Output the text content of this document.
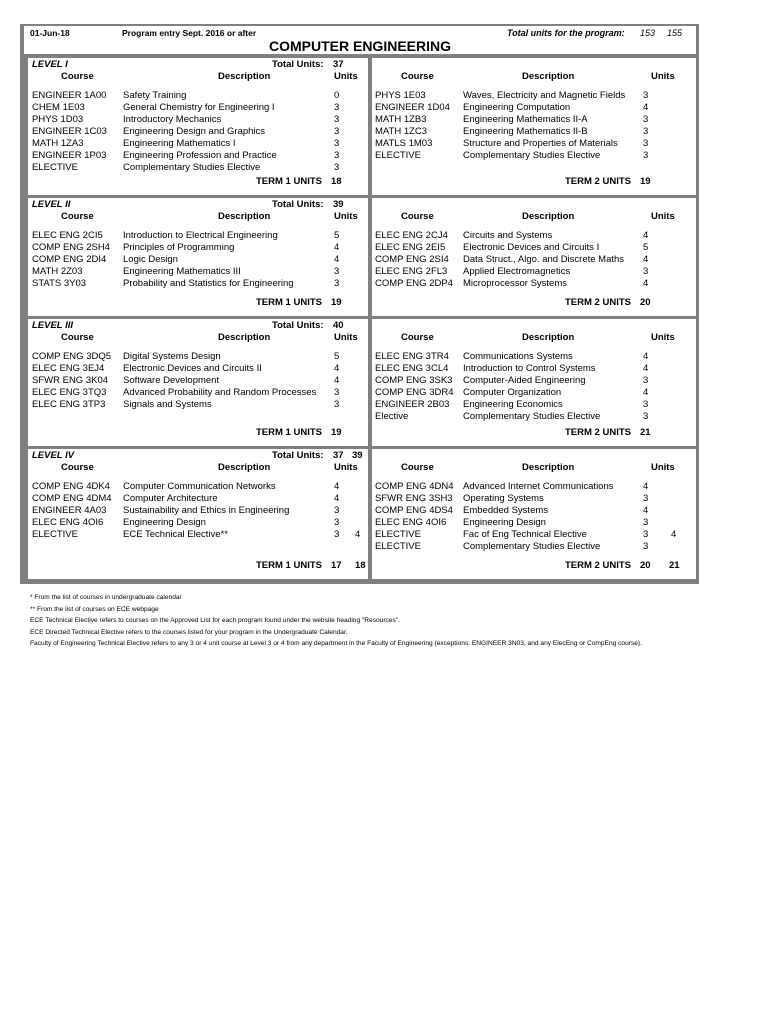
01-Jun-18	Program entry Sept. 2016 or after
COMPUTER ENGINEERING
Total units for the program: 153 155
LEVEL I	Total Units: 37
Course	Description	Units
ENGINEER 1A00 Safety Training	0
CHEM 1E03	General Chemistry for Engineering I	3
PHYS 1D03	Introductory Mechanics	3
ENGINEER 1C03 Engineering Design and Graphics	3
MATH 1ZA3	Engineering Mathematics I	3
ENGINEER 1P03 Engineering Profession and Practice	3
ELECTIVE	Complementary Studies Elective	3
TERM 1 UNITS 18
Course	Description	Units
PHYS 1E03	Waves, Electricity and Magnetic Fields 3
ENGINEER 1D04 Engineering Computation	4
MATH 1ZB3	Engineering Mathematics II-A	3
MATH 1ZC3	Engineering Mathematics II-B	3
MATLS 1M03	Structure and Properties of Materials	3
ELECTIVE	Complementary Studies Elective	3
TERM 2 UNITS 19
LEVEL II	Total Units: 39
Course	Description	Units
ELEC ENG 2CI5 Introduction to Electrical Engineering	5
COMP ENG 2SH4 Principles of Programming	4
COMP ENG 2DI4 Logic Design	4
MATH 2Z03	Engineering Mathematics III	3
STATS 3Y03	Probability and Statistics for Engineering	3
TERM 1 UNITS 19
Course	Description	Units
ELEC ENG 2CJ4 Circuits and Systems	4
ELEC ENG 2EI5 Electronic Devices and Circuits I	5
COMP ENG 2SI4 Data Struct., Algo. and Discrete Maths 4
ELEC ENG 2FL3 Applied Electromagnetics	3
COMP ENG 2DP4 Microprocessor Systems	4
TERM 2 UNITS 20
LEVEL III	Total Units: 40
Course	Description	Units
COMP ENG 3DQ5 Digital Systems Design	5
ELEC ENG 3EJ4 Electronic Devices and Circuits II	4
SFWR ENG 3K04 Software Development	4
ELEC ENG 3TQ3 Advanced Probability and Random Processes 3
ELEC ENG 3TP3 Signals and Systems	3
TERM 1 UNITS 19
Course	Description	Units
ELEC ENG 3TR4 Communications Systems	4
ELEC ENG 3CL4 Introduction to Control Systems	4
COMP ENG 3SK3 Computer-Aided Engineering	3
COMP ENG 3DR4 Computer Organization	4
ENGINEER 2B03 Engineering Economics	3
Elective	Complementary Studies Elective	3
TERM 2 UNITS 21
LEVEL IV	Total Units: 37 39
Course	Description	Units
COMP ENG 4DK4 Computer Communication Networks	4
COMP ENG 4DM4 Computer Architecture	4
ENGINEER 4A03 Sustainability and Ethics in Engineering	3
ELEC ENG 4OI6 Engineering Design	3
ELECTIVE	ECE Technical Elective**	3 4
TERM 1 UNITS 17 18
Course	Description	Units
COMP ENG 4DN4 Advanced Internet Communications	4
SFWR ENG 3SH3 Operating Systems	3
COMP ENG 4DS4 Embedded Systems	4
ELEC ENG 4OI6 Engineering Design	3
ELECTIVE	Fac of Eng Technical Elective	3 4
ELECTIVE	Complementary Studies Elective	3
TERM 2 UNITS 20 21
* From the list of courses in undergraduate calendar
** From the list of courses on ECE webpage
ECE Technical Elective refers to courses on the Approved List for each program found under the website heading "Resources".
ECE Directed Technical Elective refers to the courses listed for your program in the Undergraduate Calendar.
Faculty of Engineering Technical Elective refers to any 3 or 4 unit course at Level 3 or 4 from any department in the Faculty of Engineering (exceptions: ENGINEER 3N03, and any ElecEng or CompEng course).
